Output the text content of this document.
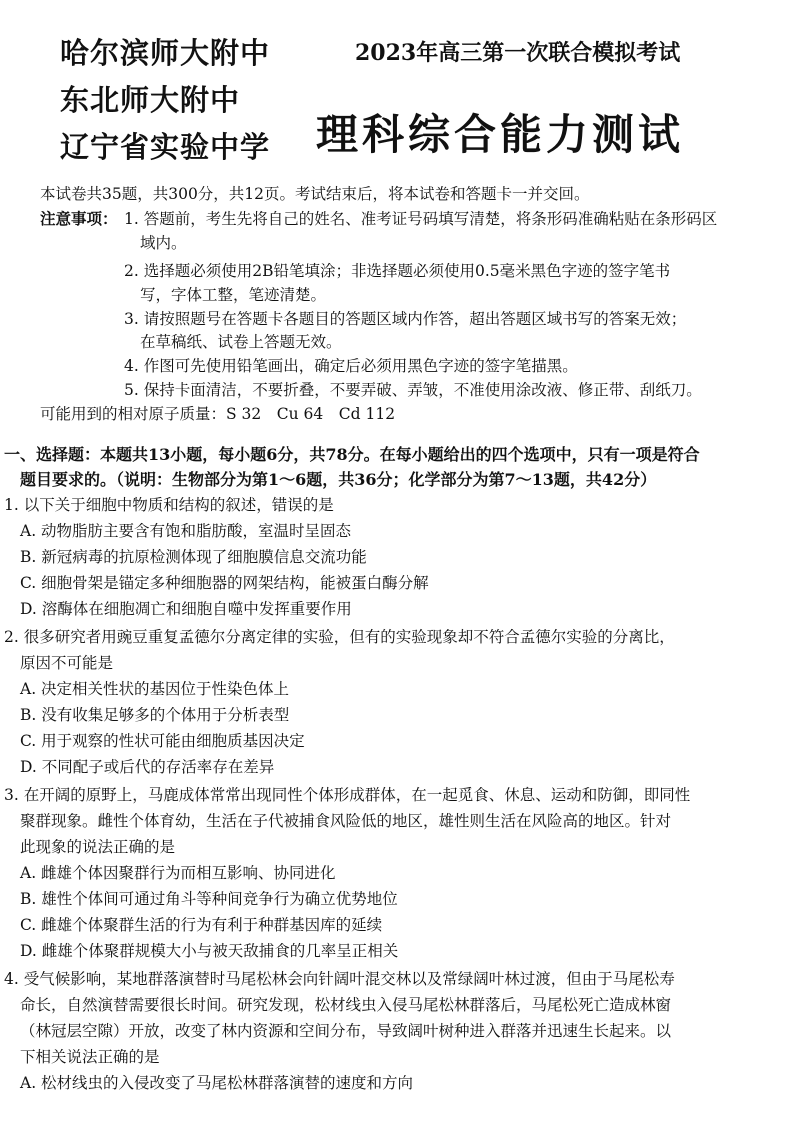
哈尔滨师大附中
东北师大附中
辽宁省实验中学
2023年高三第一次联合模拟考试
理科综合能力测试
本试卷共35题，共300分，共12页。考试结束后，将本试卷和答题卡一并交回。
注意事项： 1. 答题前，考生先将自己的姓名、准考证号码填写清楚，将条形码准确粘贴在条形码区
域内。
2. 选择题必须使用2B铅笔填涂；非选择题必须使用0.5毫米黑色字迹的签字笔书
写，字体工整，笔迹清楚。
3. 请按照题号在答题卡各题目的答题区域内作答，超出答题区域书写的答案无效；
在草稿纸、试卷上答题无效。
4. 作图可先使用铅笔画出，确定后必须用黑色字迹的签字笔描黑。
5. 保持卡面清洁，不要折叠，不要弄破、弄皱，不准使用涂改液、修正带、刮纸刀。
可能用到的相对原子质量：S 32　Cu 64　Cd 112
一、选择题：本题共13小题，每小题6分，共78分。在每小题给出的四个选项中，只有一项是符合
题目要求的。（说明：生物部分为第1～6题，共36分；化学部分为第7～13题，共42分）
1. 以下关于细胞中物质和结构的叙述，错误的是
A. 动物脂肪主要含有饱和脂肪酸，室温时呈固态
B. 新冠病毒的抗原检测体现了细胞膜信息交流功能
C. 细胞骨架是锚定多种细胞器的网架结构，能被蛋白酶分解
D. 溶酶体在细胞凋亡和细胞自噬中发挥重要作用
2. 很多研究者用豌豆重复孟德尔分离定律的实验，但有的实验现象却不符合孟德尔实验的分离比，
原因不可能是
A. 决定相关性状的基因位于性染色体上
B. 没有收集足够多的个体用于分析表型
C. 用于观察的性状可能由细胞质基因决定
D. 不同配子或后代的存活率存在差异
3. 在开阔的原野上，马鹿成体常常出现同性个体形成群体，在一起觅食、休息、运动和防御，即同性
聚群现象。雌性个体育幼，生活在子代被捕食风险低的地区，雄性则生活在风险高的地区。针对
此现象的说法正确的是
A. 雌雄个体因聚群行为而相互影响、协同进化
B. 雄性个体间可通过角斗等种间竞争行为确立优势地位
C. 雌雄个体聚群生活的行为有利于种群基因库的延续
D. 雌雄个体聚群规模大小与被天敌捕食的几率呈正相关
4. 受气候影响，某地群落演替时马尾松林会向针阔叶混交林以及常绿阔叶林过渡，但由于马尾松寿
命长，自然演替需要很长时间。研究发现，松材线虫入侵马尾松林群落后，马尾松死亡造成林窗
（林冠层空隙）开放，改变了林内资源和空间分布，导致阔叶树种进入群落并迅速生长起来。以
下相关说法正确的是
A. 松材线虫的入侵改变了马尾松林群落演替的速度和方向
